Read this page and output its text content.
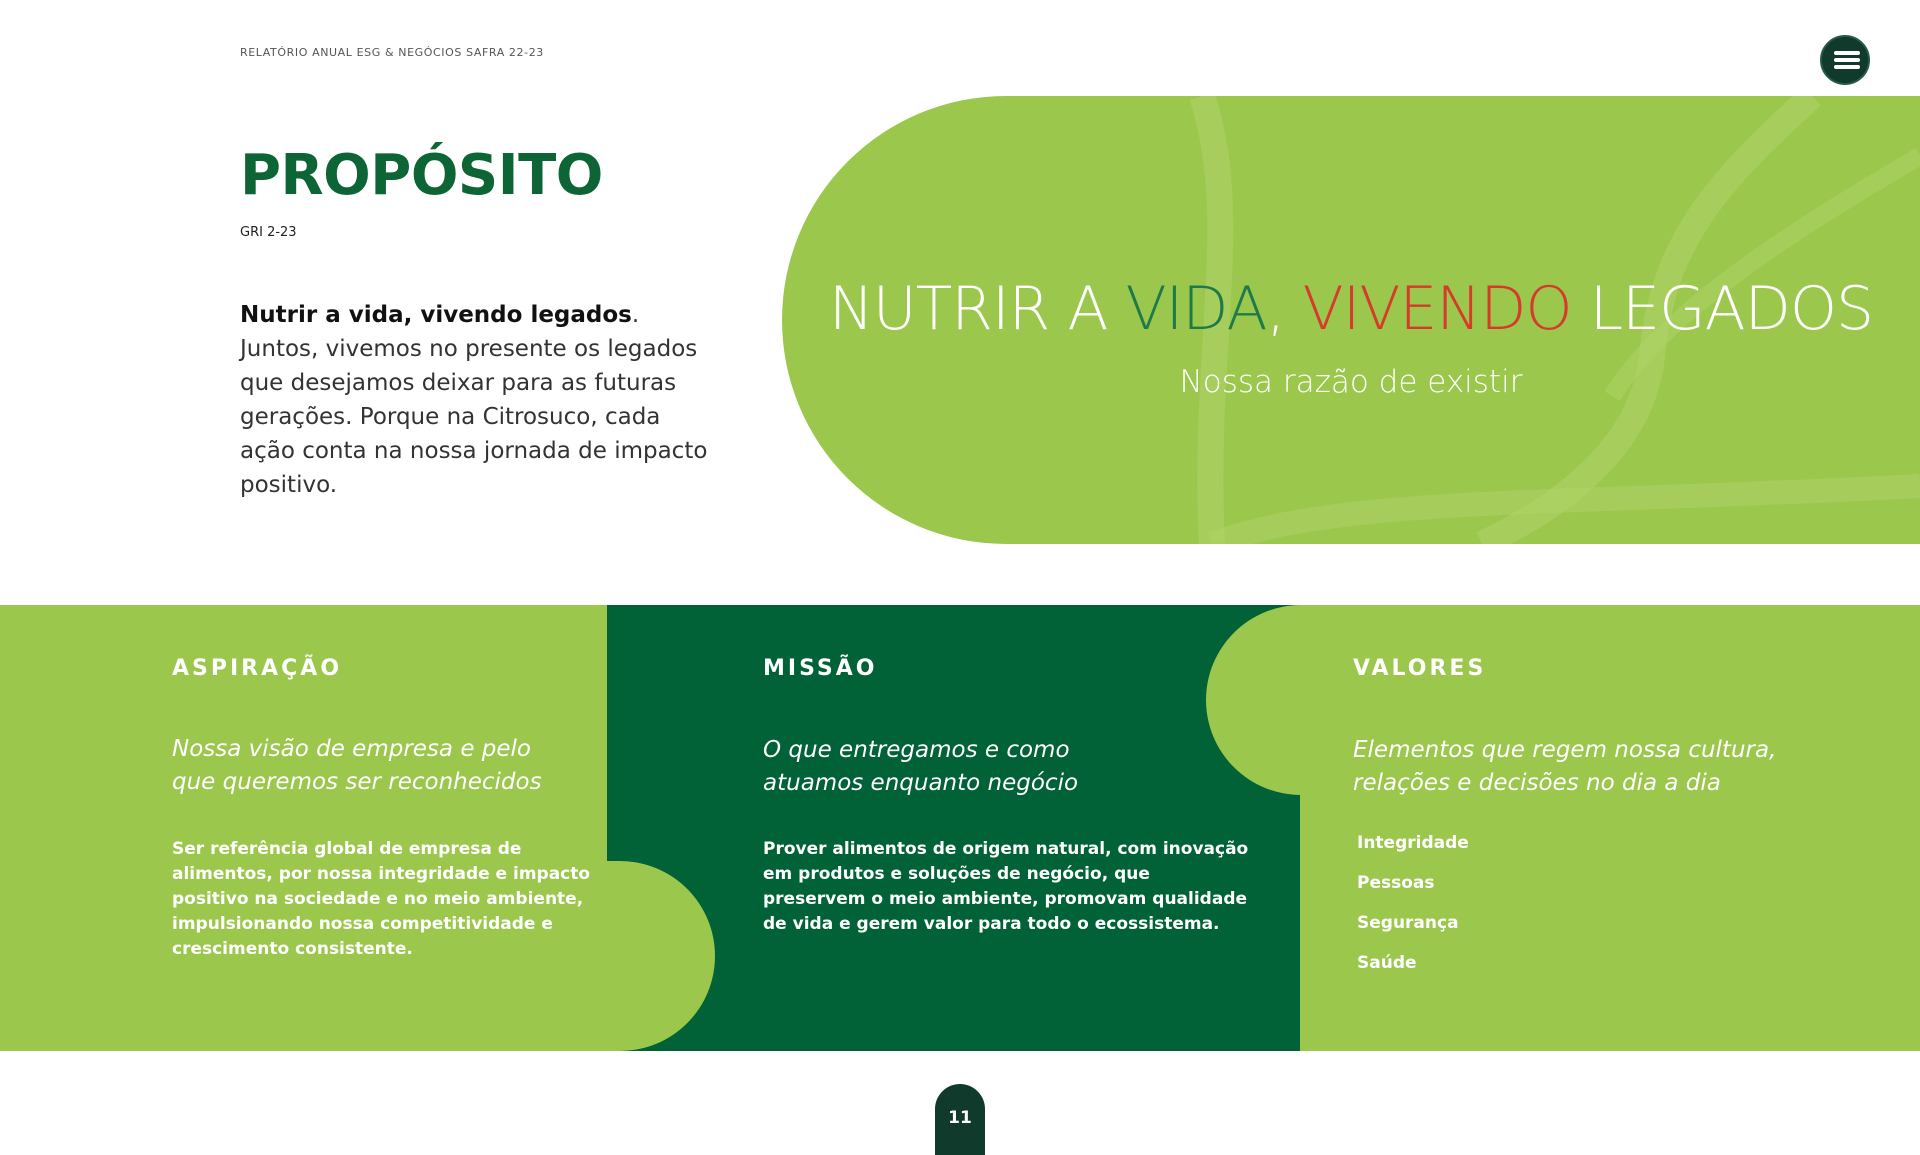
RELATÓRIO ANUAL ESG & NEGÓCIOS SAFRA 22-23
PROPÓSITO
GRI 2-23

Nutrir a vida, vivendo legados. Juntos, vivemos no presente os legados que desejamos deixar para as futuras gerações. Porque na Citrosuco, cada ação conta na nossa jornada de impacto positivo.

NUTRIR A VIDA, VIVENDO LEGADOS
Nossa razão de existir
ASPIRAÇÃO
Nossa visão de empresa e pelo
que queremos ser reconhecidos
Ser referência global de empresa de alimentos, por nossa integridade e impacto positivo na sociedade e no meio ambiente, impulsionando nossa competitividade e crescimento consistente.
MISSÃO
O que entregamos e como
atuamos enquanto negócio
Prover alimentos de origem natural, com inovação em produtos e soluções de negócio, que preservem o meio ambiente, promovam qualidade de vida e gerem valor para todo o ecossistema.
VALORES
Elementos que regem nossa cultura,
relações e decisões no dia a dia
Integridade
Pessoas
Segurança
Saúde
11
